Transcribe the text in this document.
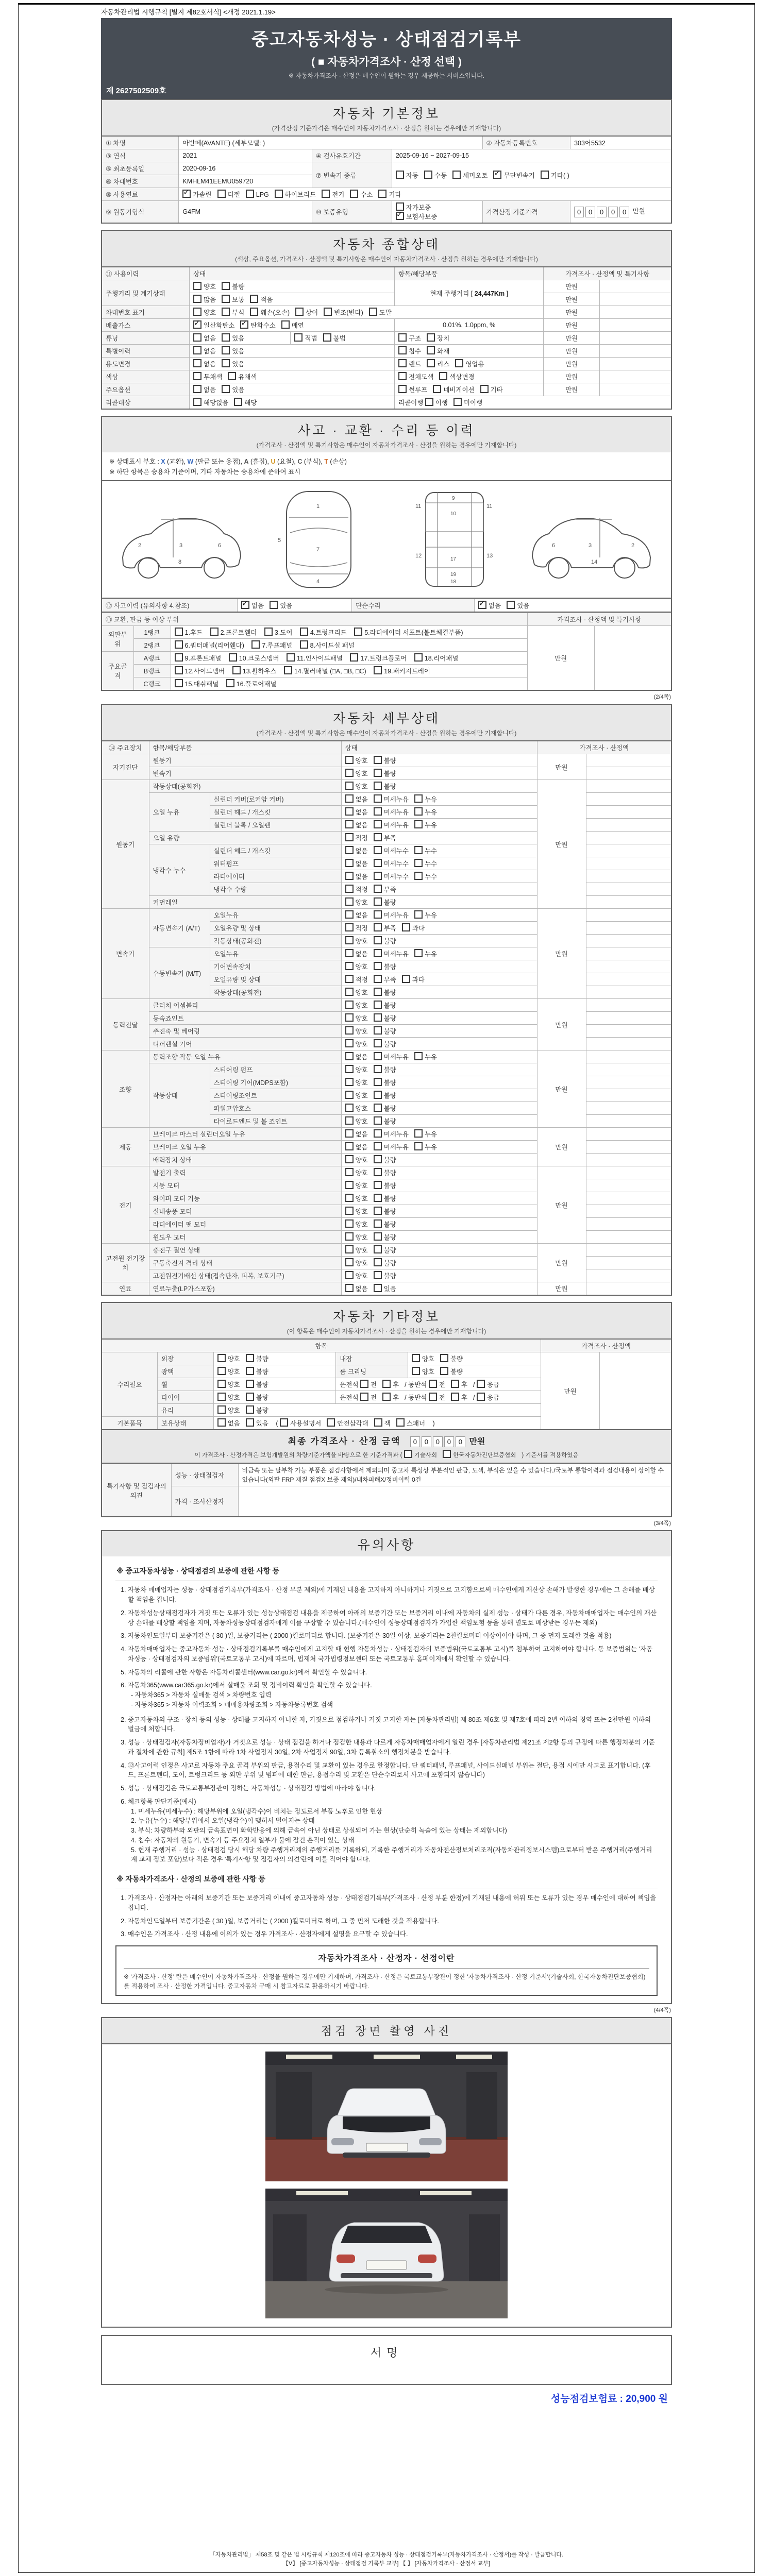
자동차관리법 시행규칙 [별지 제82호서식] <개정 2021.1.19>
중고자동차성능 · 상태점검기록부
( ■ 자동차가격조사 · 산정 선택 )
※ 자동차가격조사 · 산정은 매수인이 원하는 경우 제공하는 서비스입니다.
제 2627502509호
자동차 기본정보
(가격산정 기준가격은 매수인이 자동차가격조사 · 산정을 원하는 경우에만 기재합니다)
① 차명	아반떼(AVANTE) (세부모델: )			② 자동차등록번호	303어5532
③ 연식	2021	④ 검사유효기간	2025-09-16 ~ 2027-09-15		
⑤ 최초등록일	2020-09-16	⑦ 변속기 종류	자동 수동 세미오토 ✓ 무단변속기 기타( )
⑥ 차대번호	KMHLM41EEMU059720				
⑧ 사용연료	✓가솔린 디젤 LPG 하이브리드 전기 수소 기타
⑨ 원동기형식	G4FM	⑩ 보증유형	자가보증✓보험사보증	가격산정 기준가격	0 0 0 0 0 만원
자동차 종합상태
(색상, 주요옵션, 가격조사 · 산정액 및 특기사항은 매수인이 자동차가격조사 · 산정을 원하는 경우에만 기재합니다)
⑪ 사용이력	상태		항목/해당부품	가격조사 · 산정액 및 특기사항	
주행거리 및 계기상태	양호 불량		현재 주행거리 [ 24,447Km ]	만원	
	많음 보통 적음			만원	
차대번호 표기	양호 부식 훼손(오손) 상이 변조(변타) 도말			만원	
배출가스	✓일산화탄소 ✓ 탄화수소 매연		0.01%, 1.0ppm, %	만원	
튜닝	없음 있음	적법 불법	구조 장치	만원	
특별이력	없음 있음		침수 화재	만원	
용도변경	없음 있음		렌트 리스 영업용	만원	
색상	무채색 유채색		전체도색 색상변경	만원	
주요옵션	없음 있음		썬루프 네비게이션 기타	만원	
리콜대상	해당없음 해당		리콜이행 이행 미이행		
사고 · 교환 · 수리 등 이력
(가격조사 · 산정액 및 특기사항은 매수인이 자동차가격조사 · 산정을 원하는 경우에만 기재합니다)
※ 상태표시 부호 : X (교환), W (판금 또는 용접), A (흠집), U (요철), C (부식), T (손상)
※ 하단 항목은 승용차 기준이며, 기타 자동차는 승용차에 준하여 표시
2	3	6
8
1
7
4
5
11	11
9
10
12	13
17
18
19
2
3
6
14
⑫ 사고이력 (유의사항 4.참조)	✓없음 있음	단순수리	✓없음 있음
⑬ 교환, 판금 등 이상 부위			가격조사 · 산정액 및 특기사항	
외판부위	1랭크	1.후드 2.프론트휀더 3.도어 4.트렁크리드 5.라디에이터 서포트(볼트체결부품)	만원	
	2랭크	6.쿼터패널(리어휀다) 7.루프패널 8.사이드실 패널		
주요골격	A랭크	9.프론트패널 10.크로스멤버 11.인사이드패널 17.트렁크플로어 18.리어패널		
	B랭크	12.사이드멤버 13.휠하우스 14.필러패널 (□A, □B, □C) 19.패키지트레이		
	C랭크	15.대쉬패널 16.플로어패널		
(2/4쪽)
자동차 세부상태
(가격조사 · 산정액 및 특기사항은 매수인이 자동차가격조사 · 산정을 원하는 경우에만 기재합니다)
⑭ 주요장치	항목/해당부품		상태	가격조사 · 산정액	
자기진단	원동기		양호 불량	만원	
	변속기		양호 불량		
원동기	작동상태(공회전)		양호 불량	만원	
	오일 누유	실린더 커버(로커암 커버)	없음 미세누유 누유		
		실린더 헤드 / 개스킷	없음 미세누유 누유		
		실린더 블록 / 오일팬	없음 미세누유 누유		
	오일 유량		적정 부족		
	냉각수 누수	실린더 헤드 / 개스킷	없음 미세누수 누수		
		워터펌프	없음 미세누수 누수		
		라디에이터	없음 미세누수 누수		
		냉각수 수량	적정 부족		
	커먼레일		양호 불량		
변속기	자동변속기 (A/T)	오일누유	없음 미세누유 누유	만원	
		오일유량 및 상태	적정 부족 과다		
		작동상태(공회전)	양호 불량		
	수동변속기 (M/T)	오일누유	없음 미세누유 누유		
		기어변속장치	양호 불량		
		오일유량 및 상태	적정 부족 과다		
		작동상태(공회전)	양호 불량		
동력전달	클러치 어셈블리		양호 불량	만원	
	등속죠인트		양호 불량		
	추진축 및 베어링		양호 불량		
	디퍼렌셜 기어		양호 불량		
조향	동력조향 작동 오일 누유		없음 미세누유 누유	만원	
	작동상태	스티어링 펌프	양호 불량		
		스티어링 기어(MDPS포함)	양호 불량		
		스티어링조인트	양호 불량		
		파워고압호스	양호 불량		
		타이로드엔드 및 볼 조인트	양호 불량		
제동	브레이크 마스터 실린더오일 누유		없음 미세누유 누유	만원	
	브레이크 오일 누유		없음 미세누유 누유		
	배력장치 상태		양호 불량		
전기	발전기 출력		양호 불량	만원	
	시동 모터		양호 불량		
	와이퍼 모터 기능		양호 불량		
	실내송풍 모터		양호 불량		
	라디에이터 팬 모터		양호 불량		
	윈도우 모터		양호 불량		
고전원 전기장치	충전구 절연 상태		양호 불량	만원	
	구동축전지 격리 상태		양호 불량		
	고전원전기배선 상태(접속단자, 피복, 보호기구)		양호 불량		
연료	연료누출(LP가스포함)		없음 있음	만원	
자동차 기타정보
(이 항목은 매수인이 자동차가격조사 · 산정을 원하는 경우에만 기재합니다)
항목					가격조사 · 산정액	
수리필요	외장	양호 불량	내장	양호 불량	만원	
	광택	양호 불량	룸 크리닝	양호 불량		
	휠	양호 불량	운전석 전 후 / 동반석 전 후 / 응급			
	타이어	양호 불량	운전석 전 후 / 동반석 전 후 / 응급			
	유리	양호 불량				
기본품목	보유상태	없음 있음 ( 사용설명서 안전삼각대 잭 스패너 )				
최종 가격조사 · 산정 금액 0 0 0 0 0 만원
이 가격조사 · 산정가격은 보험개발원의 차량기준가액을 바탕으로 한 기준가격과 ( 기술사회	한국자동차진단보증협회 ) 기준서를 적용하였음
특기사항 및 점검자의 의견	성능 · 상태점검자	비금속 또는 탈부착 가능 부품은 점검사항에서 제외되며 중고차 특성상 부분적인 판금, 도색, 부식은 있을 수 있습니다./국토부 통합이력과 점검내용이 상이할 수 있습니다(외판 FRP 재질 점검X 보증 제외)/내차피해X/정비이력 0건
	가격 · 조사산정자	
(3/4쪽)
유의사항
※ 중고자동차성능 · 상태점검의 보증에 관한 사항 등
1. 자동차 매매업자는 성능 · 상태점검기록부(가격조사 · 산정 부분 제외)에 기재된 내용을 고지하지 아니하거나 거짓으로 고지함으로써 매수인에게 재산상 손해가 발생한 경우에는 그 손해를 배상할 책임을 집니다.
2. 자동차성능상태점검자가 거짓 또는 오류가 있는 성능상태점검 내용을 제공하여 아래의 보증기간 또는 보증거리 이내에 자동차의 실제 성능 · 상태가 다른 경우, 자동차매매업자는 매수인의 재산상 손해를 배상할 책임을 지며, 자동차성능상태점검자에게 이를 구상할 수 있습니다.(매수인이 성능상태점검자가 가입한 책임보험 등을 통해 별도로 배상받는 경우는 제외)
3. 자동차인도일부터 보증기간은 ( 30 )일, 보증거리는 ( 2000 )킬로미터로 합니다. (보증기간은 30일 이상, 보증거리는 2천킬로미터 이상이어야 하며, 그 중 먼저 도래한 것을 적용)
4. 자동차매매업자는 중고자동차 성능 · 상태점검기록부를 매수인에게 고지할 때 현행 자동차성능 · 상태점검자의 보증범위(국토교통부 고시)를 첨부하여 고지하여야 합니다. 동 보증범위는 '자동차성능 · 상태점검자의 보증범위'(국토교통부 고시)에 따르며, 법제처 국가법령정보센터 또는 국토교통부 홈페이지에서 확인할 수 있습니다.
5. 자동차의 리콜에 관한 사항은 자동차리콜센터(www.car.go.kr)에서 확인할 수 있습니다.
6. 자동차365(www.car365.go.kr)에서 실매물 조회 및 정비이력 확인을 확인할 수 있습니다.
- 자동차365 > 자동차 실매물 검색 > 차량번호 입력
- 자동차365 > 자동차 이력조회 > 매매용차량조회 > 자동차등록번호 검색
2. 중고자동차의 구조 · 장치 등의 성능 · 상태를 고지하지 아니한 자, 거짓으로 점검하거나 거짓 고지한 자는 [자동차관리법] 제 80조 제6호 및 제7호에 따라 2년 이하의 징역 또는 2천만원 이하의 벌금에 처합니다.
3. 성능 · 상태점검자(자동차정비업자)가 거짓으로 성능 · 상태 점검을 하거나 점검한 내용과 다르게 자동차매매업자에게 알린 경우 [자동차관리법 제21조 제2항 등의 규정에 따른 행정처분의 기준과 절차에 관한 규칙] 제5조 1항에 따라 1차 사업정지 30일, 2차 사업정지 90일, 3차 등록취소의 행정처분을 받습니다.
4. ⑫사고이력 인정은 사고로 자동차 주요 골격 부위의 판금, 용접수리 및 교환이 있는 경우로 한정합니다. 단 쿼터패널, 루프패널, 사이드실패널 부위는 절단, 용접 시에만 사고로 표기합니다. (후드, 프론트펜더, 도어, 트렁크리드 등 외판 부위 및 범퍼에 대한 판금, 용접수리 및 교환은 단순수리로서 사고에 포함되지 않습니다)
5. 성능 · 상태점검은 국토교통부장관이 정하는 자동차성능 · 상태점검 방법에 따라야 합니다.
6. 체크항목 판단기준(예시)
1. 미세누유(미세누수) : 해당부위에 오일(냉각수)이 비치는 정도로서 부품 노후로 인한 현상
2. 누유(누수) : 해당부위에서 오일(냉각수)이 맺혀서 떨어지는 상태
3. 부식: 차량하부와 외판의 금속표면이 화학반응에 의해 금속이 아닌 상태로 상실되어 가는 현상(단순히 녹슬어 있는 상태는 제외합니다)
4. 침수: 자동차의 원동기, 변속기 등 주요장치 일부가 물에 잠긴 흔적이 있는 상태
5. 현재 주행거리 · 성능 · 상태점검 당시 해당 차량 주행거리계의 주행거리를 기록하되, 기록한 주행거리가 자동차전산정보처리조직(자동차관리정보시스템)으로부터 받은 주행거리(주행거리계 교체 정보 포함)보다 적은 경우 '특기사항 및 점검자의 의견'란에 이를 적어야 합니다.
※ 자동차가격조사 · 산정의 보증에 관한 사항 등
1. 가격조사 · 산정자는 아래의 보증기간 또는 보증거리 이내에 중고자동차 성능 · 상태점검기록부(가격조사 · 산정 부분 한정)에 기재된 내용에 허위 또는 오류가 있는 경우 매수인에 대하여 책임을 집니다.
2. 자동차인도일부터 보증기간은 ( 30 )일, 보증거리는 ( 2000 )킬로미터로 하며, 그 중 먼저 도래한 것을 적용합니다.
3. 매수인은 가격조사 · 산정 내용에 이의가 있는 경우 가격조사 · 산정자에게 설명을 요구할 수 있습니다.
자동차가격조사 · 산정자 · 선정이란
※ '가격조사 · 산정' 란은 매수인이 자동차가격조사 · 산정을 원하는 경우에만 기재하며, 가격조사 · 산정은 국토교통부장관이 정한 '자동차가격조사 · 산정 기준서'(기술사회, 한국자동차진단보증협회)를 적용하여 조사 · 산정한 가격입니다. 중고자동차 구매 시 참고자료로 활용하시기 바랍니다.
(4/4쪽)
점검 장면 촬영 사진
서명
성능점검보험료 : 20,900 원
「자동차관리법」 제58조 및 같은 법 시행규칙 제120조에 따라 중고자동차 성능 · 상태점검기록부(자동차가격조사 · 산정서)를 작성 · 발급합니다.
【Ⅴ】 [중고자동차성능 · 상태점검 기록부 교부] 【 】 [자동차가격조사 · 산정서 교부]
